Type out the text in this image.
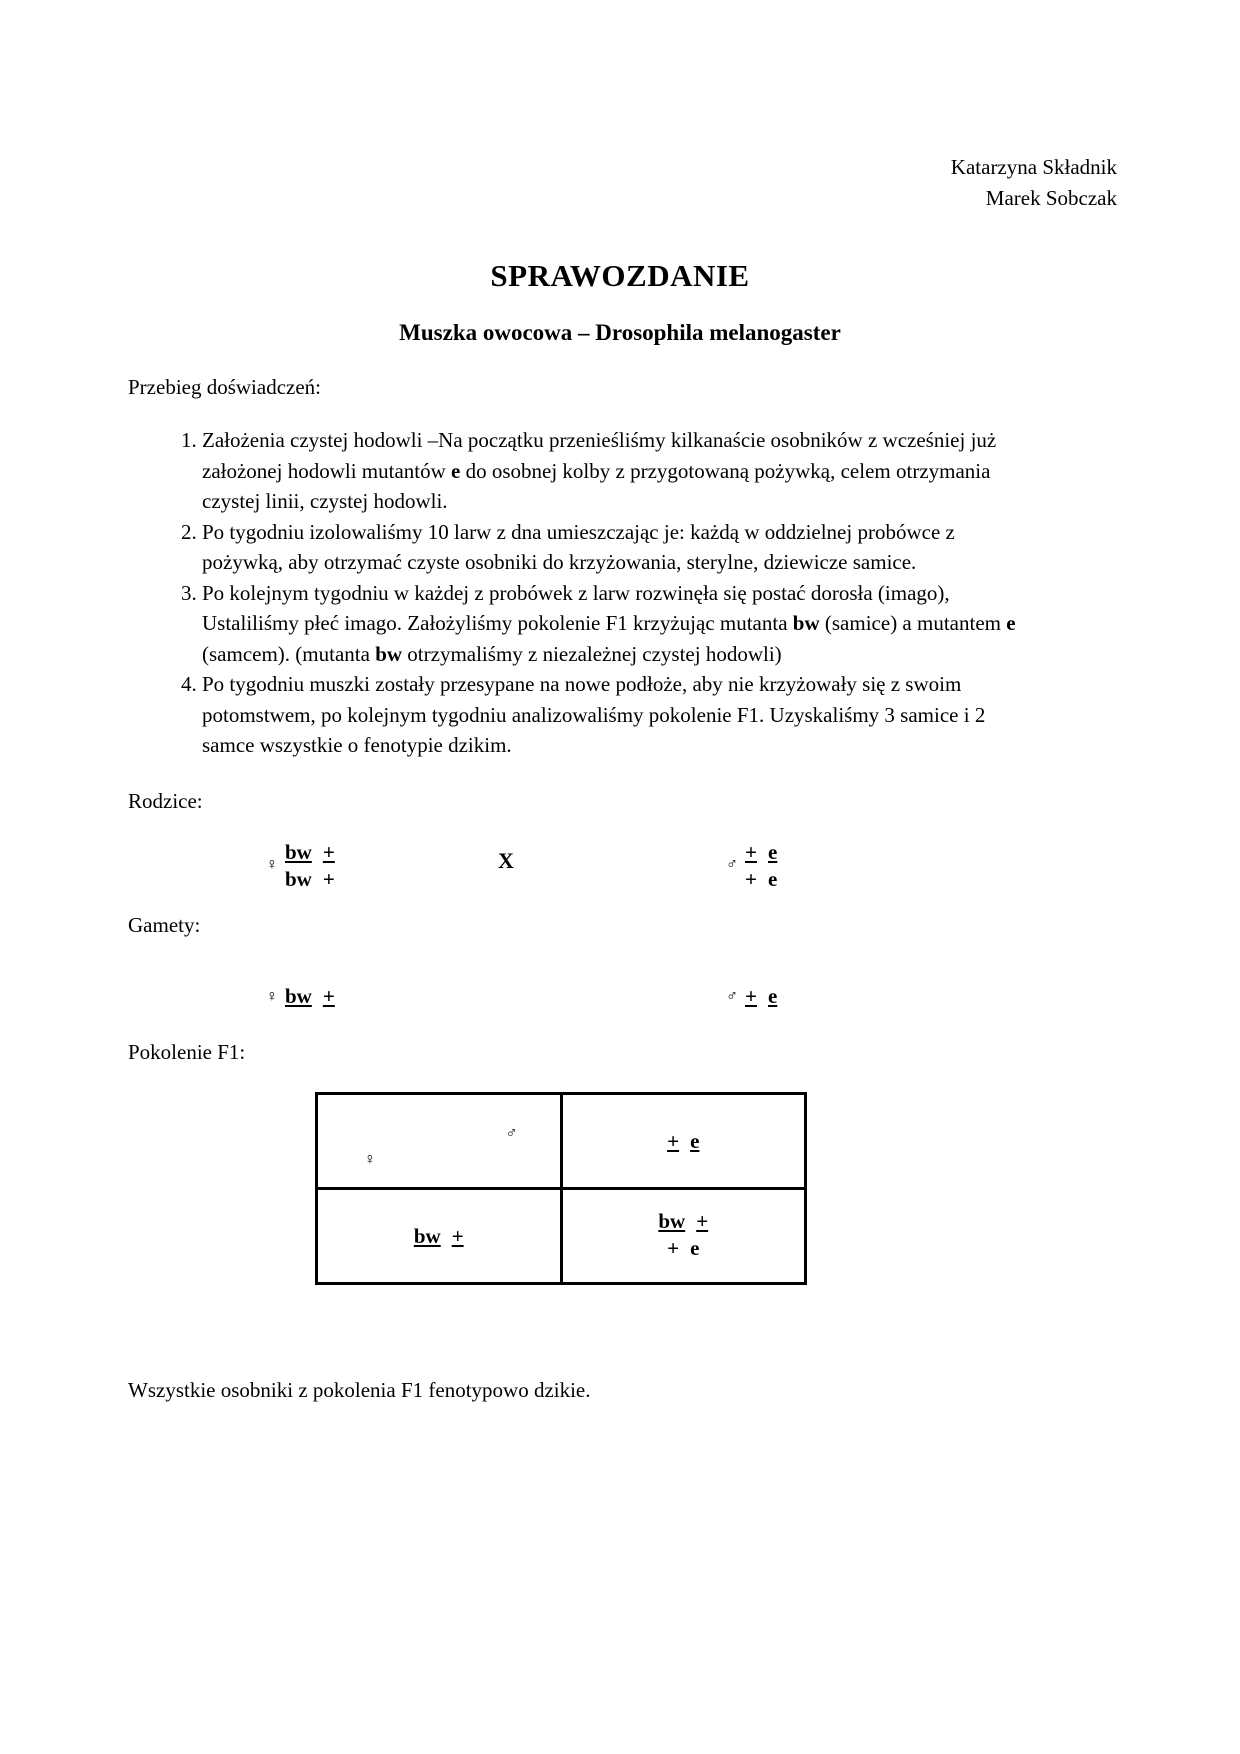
Katarzyna Składnik
Marek Sobczak
SPRAWOZDANIE
Muszka owocowa – Drosophila melanogaster
Przebieg doświadczeń:
1. Założenia czystej hodowli –Na początku przenieśliśmy kilkanaście osobników z wcześniej już założonej hodowli mutantów e do osobnej kolby z przygotowaną pożywką, celem otrzymania czystej linii, czystej hodowli.
2. Po tygodniu izolowaliśmy 10 larw z dna umieszczając je: każdą w oddzielnej probówce z pożywką, aby otrzymać czyste osobniki do krzyżowania, sterylne, dziewicze samice.
3. Po kolejnym tygodniu w każdej z probówek z larw rozwinęła się postać dorosła (imago), Ustaliliśmy płeć imago. Założyliśmy pokolenie F1 krzyżując mutanta bw (samice) a mutantem e (samcem). (mutanta bw otrzymaliśmy z niezależnej czystej hodowli)
4. Po tygodniu muszki zostały przesypane na nowe podłoże, aby nie krzyżowały się z swoim potomstwem, po kolejnym tygodniu analizowaliśmy pokolenie F1. Uzyskaliśmy 3 samice i 2 samce wszystkie o fenotypie dzikim.
Rodzice:
♀
bw +
bw +
X	♂
+ e
+ e
Gamety:
♀ bw +	♂ + e
Pokolenie F1:
♂
♀	+ e
bw +	bw +
+ e
Wszystkie osobniki z pokolenia F1 fenotypowo dzikie.
